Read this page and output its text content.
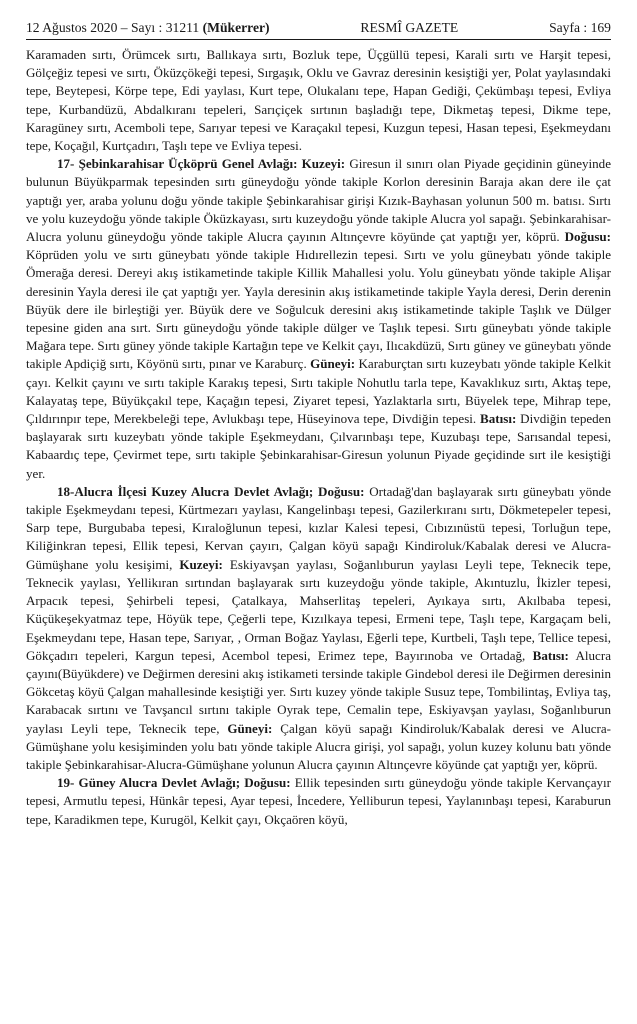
12 Ağustos 2020 – Sayı : 31211 (Mükerrer)	RESMÎ GAZETE	Sayfa : 169

Karamaden sırtı, Örümcek sırtı, Ballıkaya sırtı, Bozluk tepe, Üçgüllü tepesi, Karali sırtı ve Harşit tepesi, Gölçeğiz tepesi ve sırtı, Öküzçökeği tepesi, Sırgaşık, Oklu ve Gavraz deresinin kesiştiği yer, Polat yaylasındaki tepe, Beytepesi, Körpe tepe, Edi yaylası, Kurt tepe, Olukalanı tepe, Hapan Gediği, Çekümbaşı tepesi, Evliya tepe, Kurbandüzü, Abdalkıranı tepeleri, Sarıçiçek sırtının başladığı tepe, Dikmetaş tepesi, Dikme tepe, Karagüney sırtı, Acemboli tepe, Sarıyar tepesi ve Karaçakıl tepesi, Kuzgun tepesi, Hasan tepesi, Eşekmeydanı tepe, Koçağıl, Kurtçadırı, Taşlı tepe ve Evliya tepesi.

17- Şebinkarahisar Üçköprü Genel Avlağı: Kuzeyi: Giresun il sınırı olan Piyade geçidinin güneyinde bulunun Büyükparmak tepesinden sırtı güneydoğu yönde takiple Korlon deresinin Baraja akan dere ile çat yaptığı yer, araba yolunu doğu yönde takiple Şebinkarahisar girişi Kızık-Bayhasan yolunun 500 m. batısı. Sırtı ve yolu kuzeydoğu yönde takiple Öküzkayası, sırtı kuzeydoğu yönde takiple Alucra yol sapağı. Şebinkarahisar-Alucra yolunu güneydoğu yönde takiple Alucra çayının Altınçevre köyünde çat yaptığı yer, köprü. Doğusu: Köprüden yolu ve sırtı güneybatı yönde takiple Hıdırellezin tepesi. Sırtı ve yolu güneybatı yönde takiple Ömerağa deresi. Dereyi akış istikametinde takiple Killik Mahallesi yolu. Yolu güneybatı yönde takiple Alişar deresinin Yayla deresi ile çat yaptığı yer. Yayla deresinin akış istikametinde takiple Yayla deresi, Derin derenin Büyük dere ile birleştiği yer. Büyük dere ve Soğulcuk deresini akış istikametinde takiple Taşlık ve Dülger tepesine giden ana sırt. Sırtı güneydoğu yönde takiple dülger ve Taşlık tepesi. Sırtı güneybatı yönde takiple Mağara tepe. Sırtı güney yönde takiple Kartağın tepe ve Kelkit çayı, Ilıcakdüzü, Sırtı güney ve güneybatı yönde takiple Apdiçiğ sırtı, Köyönü sırtı, pınar ve Karaburç. Güneyi: Karaburçtan sırtı kuzeybatı yönde takiple Kelkit çayı. Kelkit çayını ve sırtı takiple Karakış tepesi, Sırtı takiple Nohutlu tarla tepe, Kavaklıkuz sırtı, Aktaş tepe, Kalayataş tepe, Büyükçakıl tepe, Kaçağın tepesi, Ziyaret tepesi, Yazlaktarla sırtı, Büyelek tepe, Mihrap tepe, Çıldırınpır tepe, Merekbeleği tepe, Avlukbaşı tepe, Hüseyinova tepe, Divdiğin tepesi. Batısı: Divdiğin tepeden başlayarak sırtı kuzeybatı yönde takiple Eşekmeydanı, Çılvarınbaşı tepe, Kuzubaşı tepe, Sarısandal tepesi, Kabaardıç tepe, Çevirmet tepe, sırtı takiple Şebinkarahisar-Giresun yolunun Piyade geçidinde sırt ile kesiştiği yer.

18-Alucra İlçesi Kuzey Alucra Devlet Avlağı; Doğusu: Ortadağ'dan başlayarak sırtı güneybatı yönde takiple Eşekmeydanı tepesi, Kürtmezarı yaylası, Kangelinbaşı tepesi, Gazilerkıranı sırtı, Dökmetepeler tepesi, Sarp tepe, Burgubaba tepesi, Kıraloğlunun tepesi, kızlar Kalesi tepesi, Cıbızınüstü tepesi, Torluğun tepe, Kiliğinkran tepesi, Ellik tepesi, Kervan çayırı, Çalgan köyü sapağı Kindiroluk/Kabalak deresi ve Alucra-Gümüşhane yolu kesişimi, Kuzeyi: Eskiyavşan yaylası, Soğanlıburun yaylası Leyli tepe, Teknecik tepe, Teknecik yaylası, Yellikıran sırtından başlayarak sırtı kuzeydoğu yönde takiple, Akıntuzlu, İkizler tepesi, Arpacık tepesi, Şehirbeli tepesi, Çatalkaya, Mahserlitaş tepeleri, Ayıkaya sırtı, Akılbaba tepesi, Küçükeşekyatmaz tepe, Höyük tepe, Çeğerli tepe, Kızılkaya tepesi, Ermeni tepe, Taşlı tepe, Kargaçam beli, Eşekmeydanı tepe, Hasan tepe, Sarıyar, , Orman Boğaz Yaylası, Eğerli tepe, Kurtbeli, Taşlı tepe, Tellice tepesi, Gökçadırı tepeleri, Kargun tepesi, Acembol tepesi, Erimez tepe, Bayırınoba ve Ortadağ, Batısı: Alucra çayını(Büyükdere) ve Değirmen deresini akış istikameti tersinde takiple Gindebol deresi ile Değirmen deresinin Gökcetaş köyü Çalgan mahallesinde kesiştiği yer. Sırtı kuzey yönde takiple Susuz tepe, Tombilintaş, Evliya taş, Karabacak sırtını ve Tavşancıl sırtını takiple Oyrak tepe, Cemalin tepe, Eskiyavşan yaylası, Soğanlıburun yaylası Leyli tepe, Teknecik tepe, Güneyi: Çalgan köyü sapağı Kindiroluk/Kabalak deresi ve Alucra-Gümüşhane yolu kesişiminden yolu batı yönde takiple Alucra girişi, yol sapağı, yolun kuzey kolunu batı yönde takiple Şebinkarahisar-Alucra-Gümüşhane yolunun Alucra çayının Altınçevre köyünde çat yaptığı yer, köprü.

19- Güney Alucra Devlet Avlağı; Doğusu: Ellik tepesinden sırtı güneydoğu yönde takiple Kervançayır tepesi, Armutlu tepesi, Hünkâr tepesi, Ayar tepesi, İncedere, Yelliburun tepesi, Yaylanınbaşı tepesi, Karaburun tepe, Karadikmen tepe, Kurugöl, Kelkit çayı, Okçaören köyü,
